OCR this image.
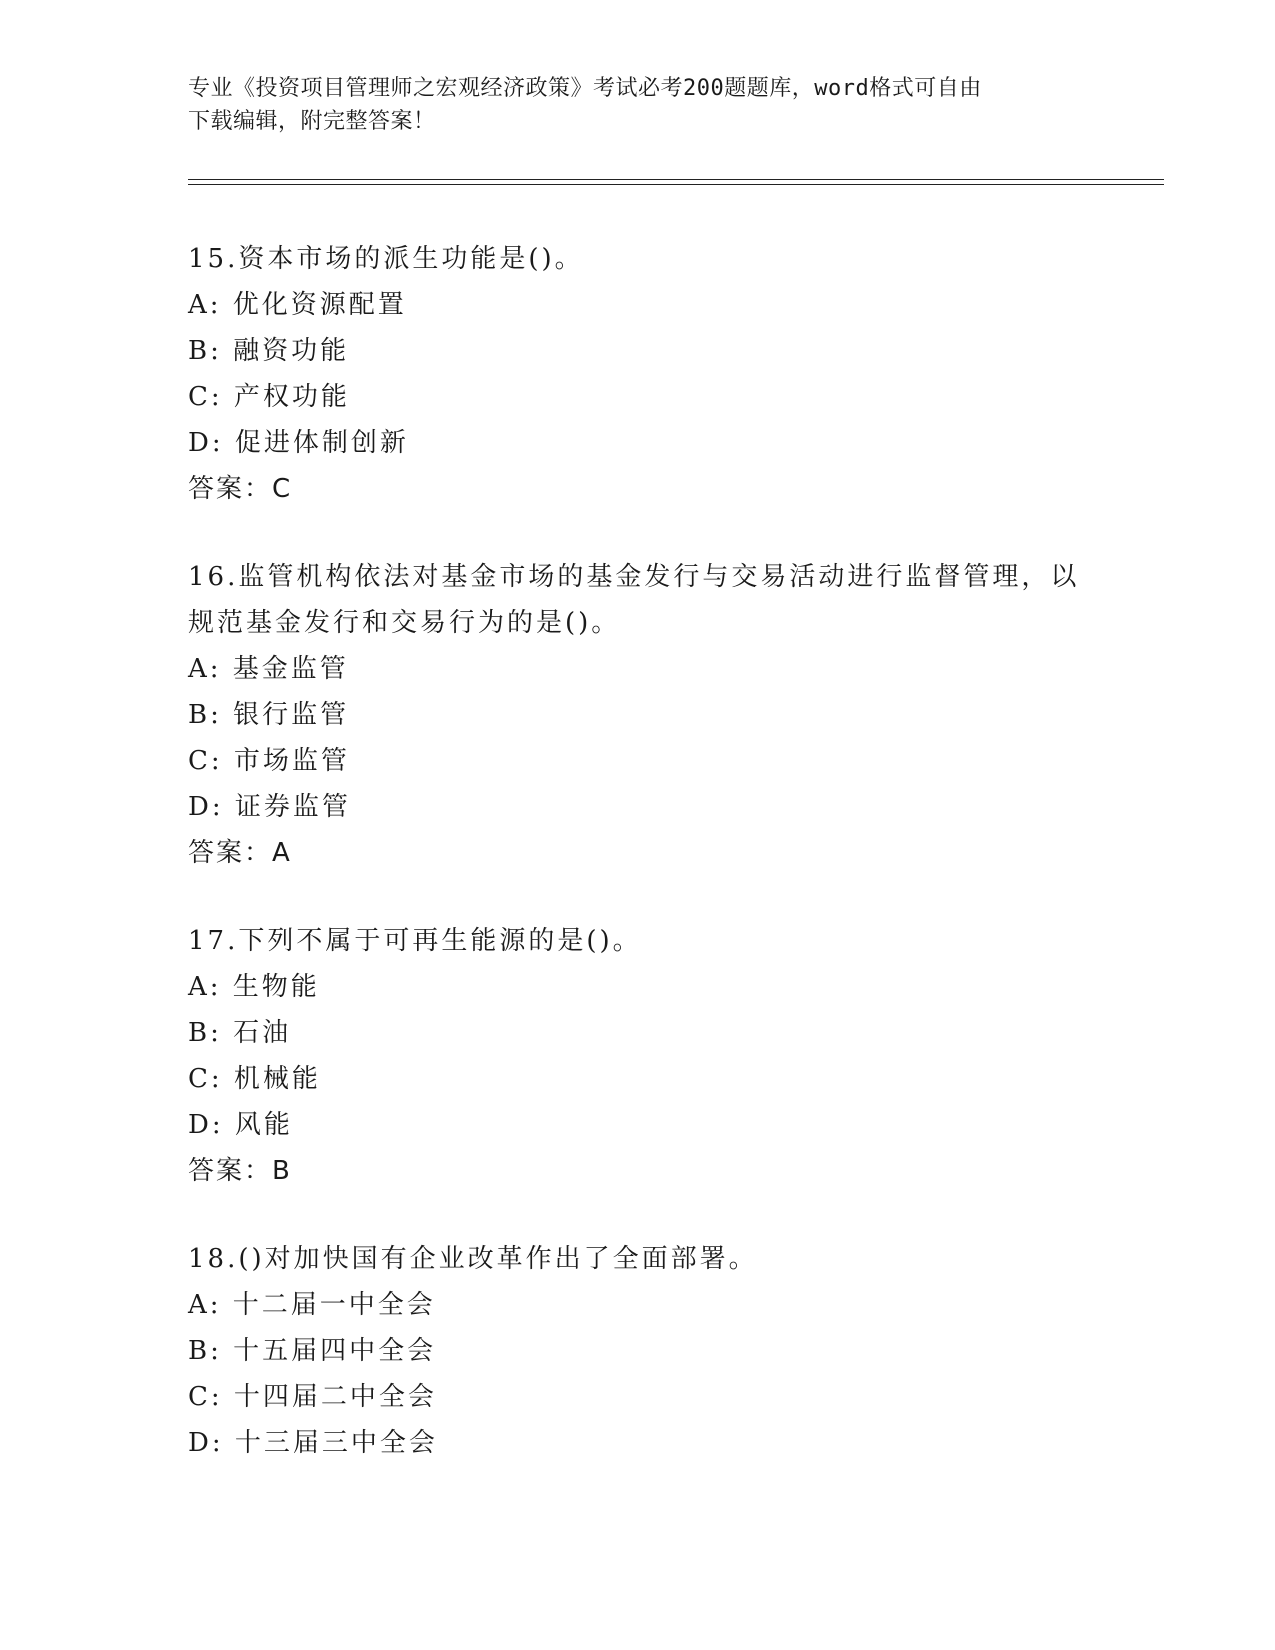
专业《投资项目管理师之宏观经济政策》考试必考200题题库，word格式可自由
下载编辑，附完整答案！
15.资本市场的派生功能是()。
A: 优化资源配置
B: 融资功能
C: 产权功能
D: 促进体制创新
答案：C
16.监管机构依法对基金市场的基金发行与交易活动进行监督管理，以
规范基金发行和交易行为的是()。
A: 基金监管
B: 银行监管
C: 市场监管
D: 证券监管
答案：A
17.下列不属于可再生能源的是()。
A: 生物能
B: 石油
C: 机械能
D: 风能
答案：B
18.()对加快国有企业改革作出了全面部署。
A: 十二届一中全会
B: 十五届四中全会
C: 十四届二中全会
D: 十三届三中全会
